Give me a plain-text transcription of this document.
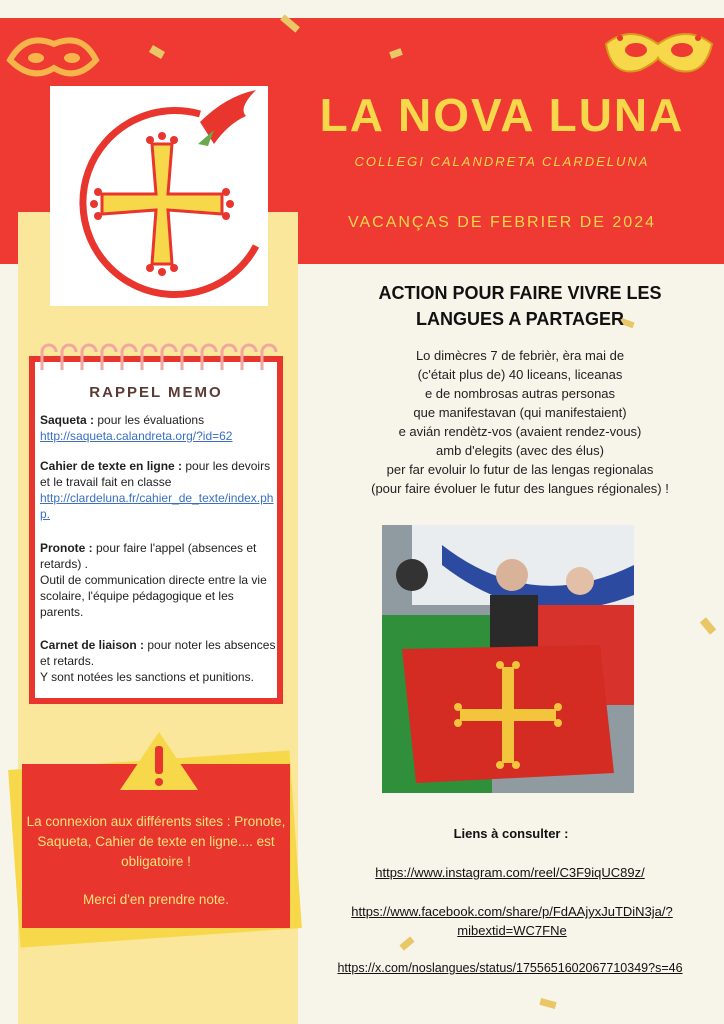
LA NOVA LUNA
COLLEGI CALANDRETA CLARDELUNA
VACANÇAS DE FEBRIER DE 2024
RAPPEL MEMO
Saqueta : pour les évaluations
http://saqueta.calandreta.org/?id=62
Cahier de texte en ligne : pour les devoirs et le travail fait en classe
http://clardeluna.fr/cahier_de_texte/index.php.
Pronote : pour faire l'appel (absences et retards) .
Outil de communication directe entre la vie scolaire, l'équipe pédagogique et les parents.
Carnet de liaison : pour noter les absences et retards.
Y sont notées les sanctions et punitions.
La connexion aux différents sites : Pronote, Saqueta, Cahier de texte en ligne.... est obligatoire !
Merci d'en prendre note.
ACTION POUR FAIRE VIVRE LES
LANGUES A PARTAGER
Lo dimècres 7 de febrièr, èra mai de
(c'était plus de) 40 liceans, liceanas
e de nombrosas autras personas
que manifestavan (qui manifestaient)
e avián rendètz-vos (avaient rendez-vous)
amb d'elegits (avec des élus)
per far evoluir lo futur de las lengas regionalas
(pour faire évoluer le futur des langues régionales) !
Liens à consulter :
https://www.instagram.com/reel/C3F9iqUC89z/
https://www.facebook.com/share/p/FdAAjyxJuTDiN3ja/?
mibextid=WC7FNe
https://x.com/noslangues/status/1755651602067710349?s=46
